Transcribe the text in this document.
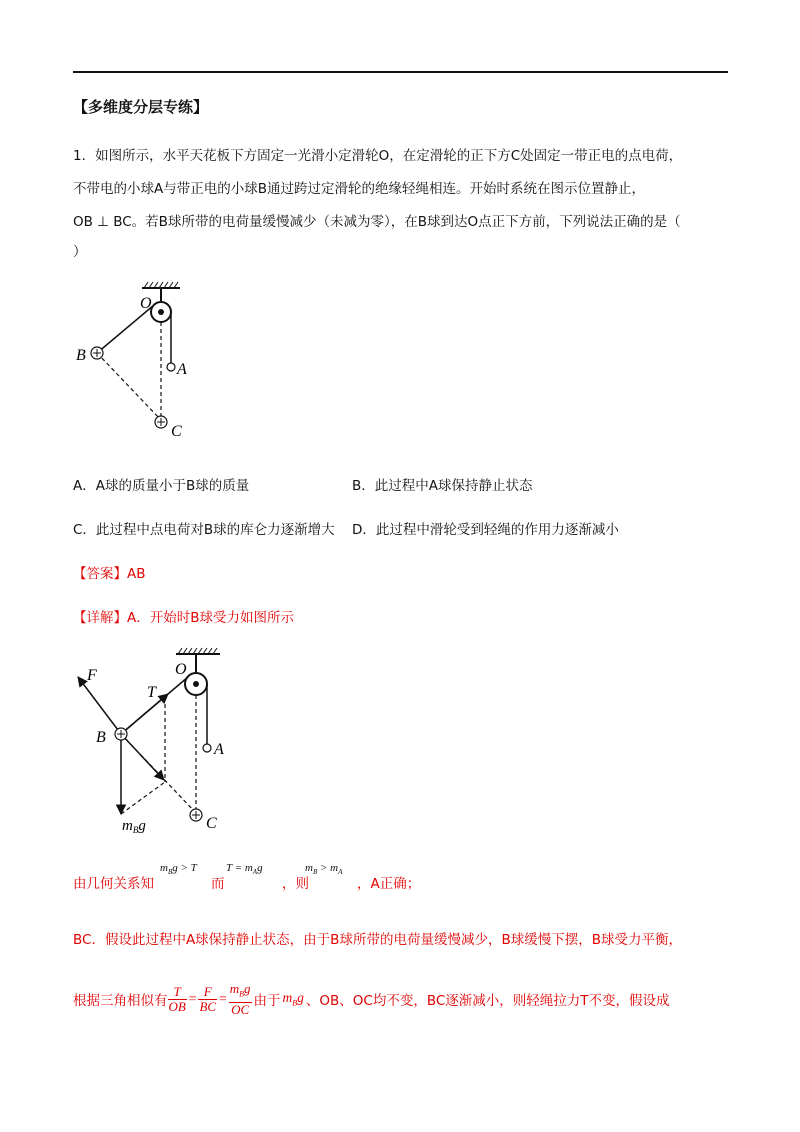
【多维度分层专练】
1．如图所示，水平天花板下方固定一光滑小定滑轮O，在定滑轮的正下方C处固定一带正电的点电荷，
不带电的小球A与带正电的小球B通过跨过定滑轮的绝缘轻绳相连。开始时系统在图示位置静止，
OB ⊥ BC。若B球所带的电荷量缓慢减少（未减为零），在B球到达O点正下方前，下列说法正确的是（
）
O
B
A
C
A．A球的质量小于B球的质量	B．此过程中A球保持静止状态
C．此过程中点电荷对B球的库仑力逐渐增大 D．此过程中滑轮受到轻绳的作用力逐渐减小
【答案】AB
【详解】A．开始时B球受力如图所示
O
F
T
B
A
C
$m_Bg$
由几何关系知
$m_Bg > T$
而
$T = m_Ag$
，则
$m_B > m_A$
，A正确；
BC．假设此过程中A球保持静止状态，由于B球所带的电荷量缓慢减少，B球缓慢下摆，B球受力平衡，
根据三角相似有 $\frac{T}{OB} = \frac{F}{BC} = \frac{m_Bg}{OC}$ 由于 $m_Bg$ 、OB、OC均不变，BC逐渐减小，则轻绳拉力T不变，假设成
